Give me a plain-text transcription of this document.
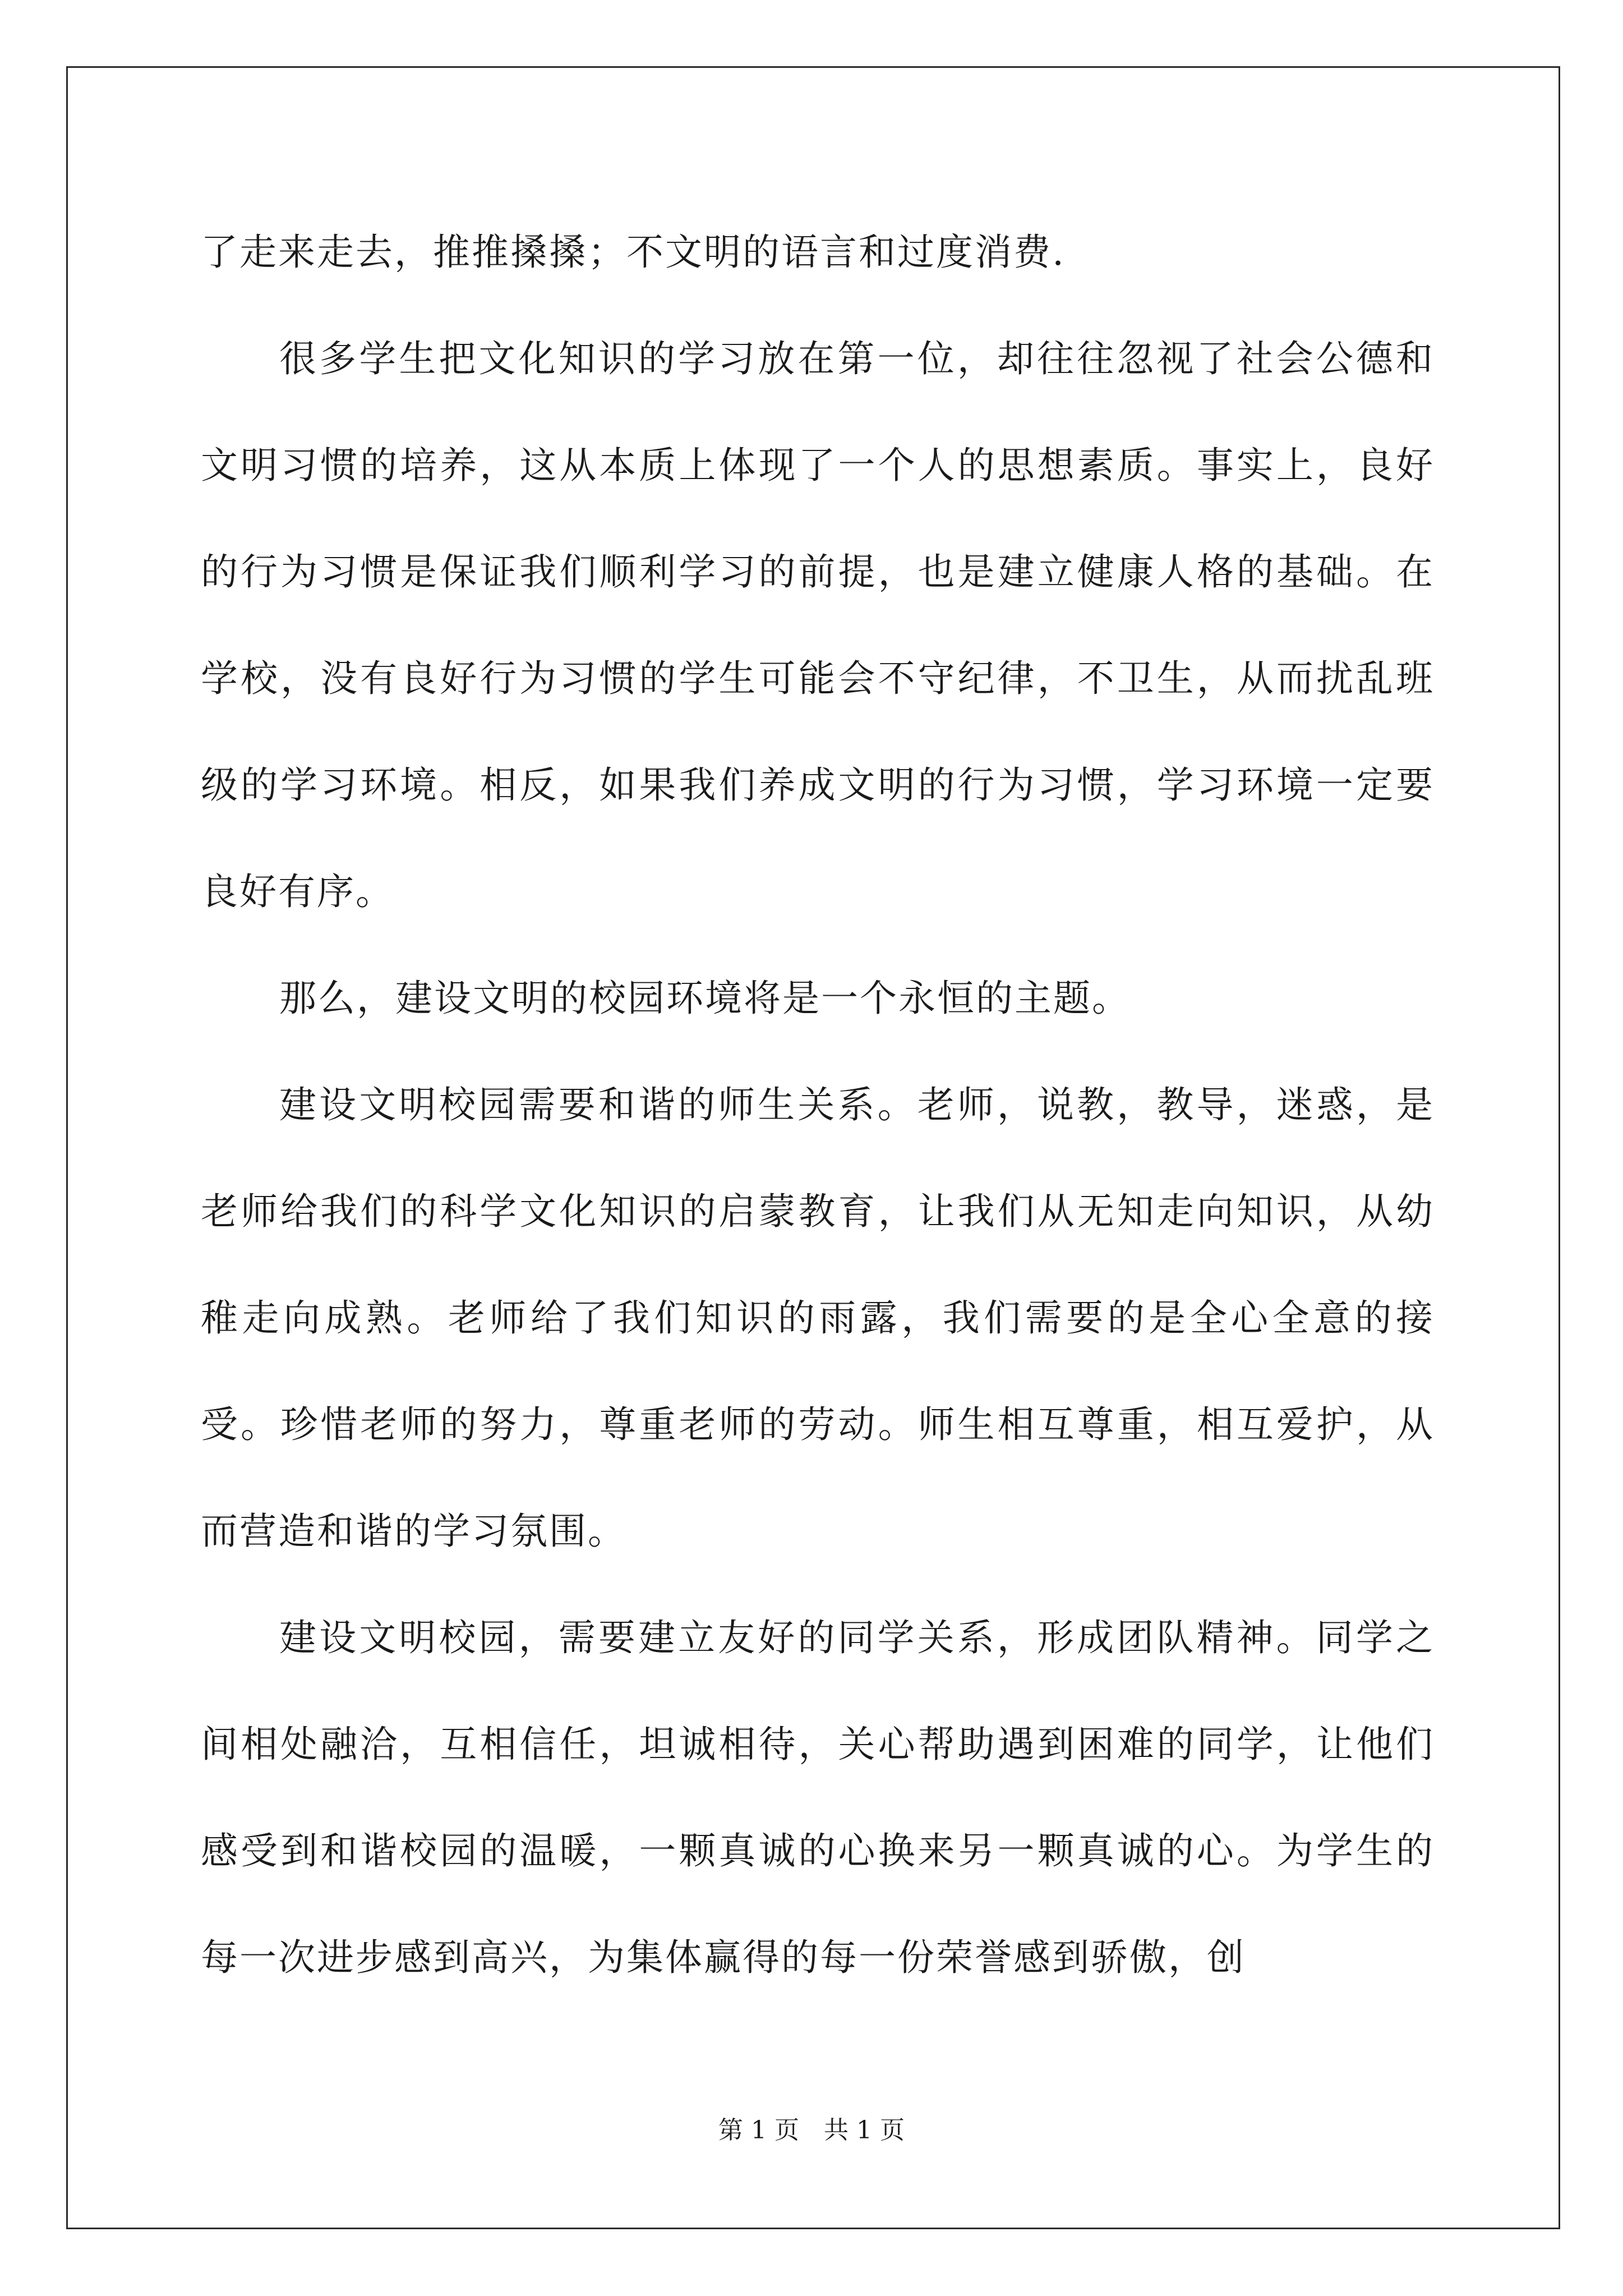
了走来走去，推推搡搡；不文明的语言和过度消费.

很多学生把文化知识的学习放在第一位，却往往忽视了社会公德和文明习惯的培养，这从本质上体现了一个人的思想素质。事实上，良好的行为习惯是保证我们顺利学习的前提，也是建立健康人格的基础。在学校，没有良好行为习惯的学生可能会不守纪律，不卫生，从而扰乱班级的学习环境。相反，如果我们养成文明的行为习惯，学习环境一定要良好有序。

那么，建设文明的校园环境将是一个永恒的主题。

建设文明校园需要和谐的师生关系。老师，说教，教导，迷惑，是老师给我们的科学文化知识的启蒙教育，让我们从无知走向知识，从幼稚走向成熟。老师给了我们知识的雨露，我们需要的是全心全意的接受。珍惜老师的努力，尊重老师的劳动。师生相互尊重，相互爱护，从而营造和谐的学习氛围。

建设文明校园，需要建立友好的同学关系，形成团队精神。同学之间相处融洽，互相信任，坦诚相待，关心帮助遇到困难的同学，让他们感受到和谐校园的温暖，一颗真诚的心换来另一颗真诚的心。为学生的每一次进步感到高兴，为集体赢得的每一份荣誉感到骄傲，创

第 1 页　共 1 页
